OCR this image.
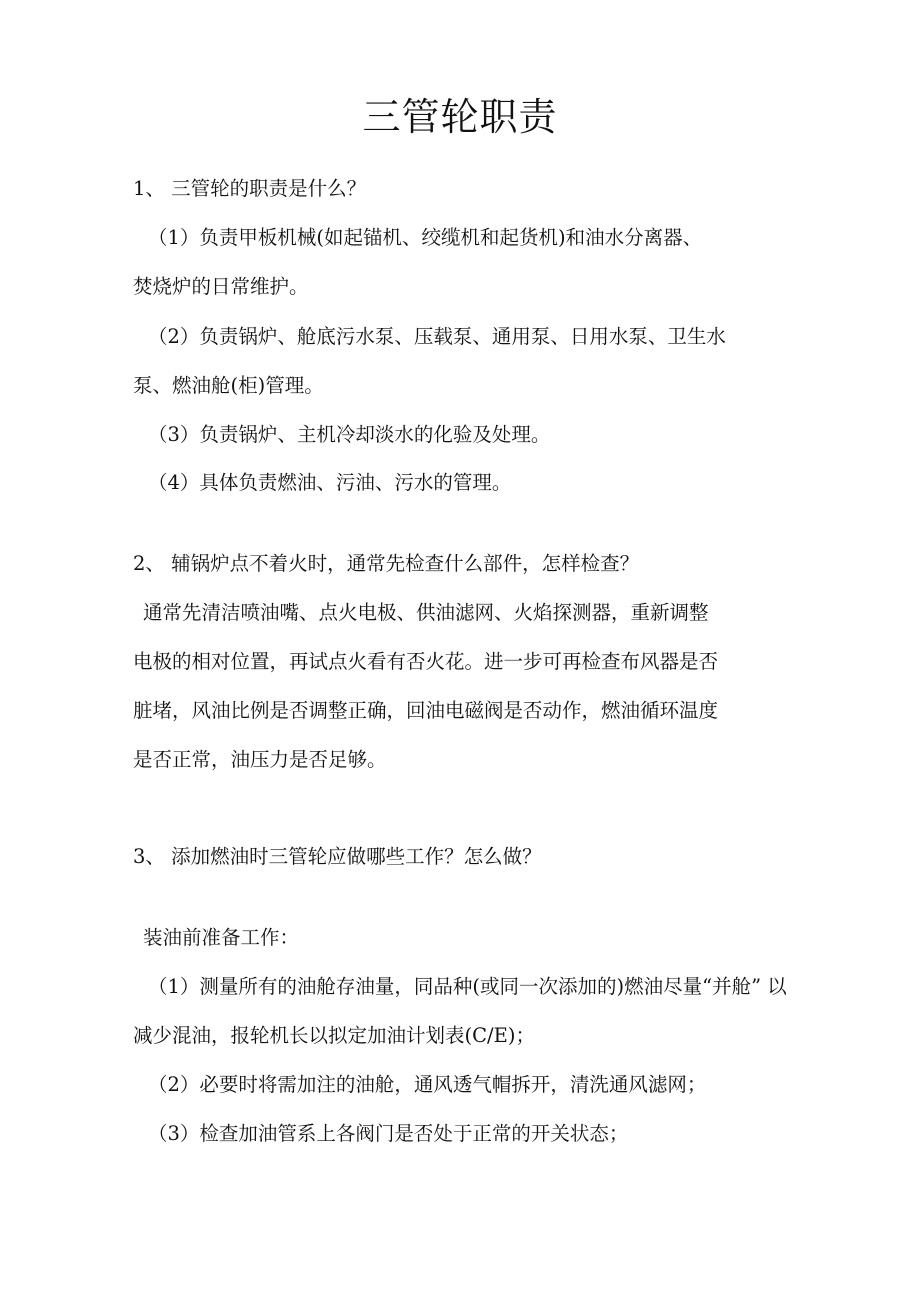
三管轮职责
1、 三管轮的职责是什么？
（1）负责甲板机械(如起锚机、绞缆机和起货机)和油水分离器、
焚烧炉的日常维护。
（2）负责锅炉、舱底污水泵、压载泵、通用泵、日用水泵、卫生水
泵、燃油舱(柜)管理。
（3）负责锅炉、主机冷却淡水的化验及处理。
（4）具体负责燃油、污油、污水的管理。
2、 辅锅炉点不着火时，通常先检查什么部件，怎样检查？
通常先清洁喷油嘴、点火电极、供油滤网、火焰探测器，重新调整
电极的相对位置，再试点火看有否火花。进一步可再检查布风器是否
脏堵，风油比例是否调整正确，回油电磁阀是否动作，燃油循环温度
是否正常，油压力是否足够。
3、 添加燃油时三管轮应做哪些工作？怎么做？
装油前准备工作：
（1）测量所有的油舱存油量，同品种(或同一次添加的)燃油尽量“并舱” 以
减少混油，报轮机长以拟定加油计划表(C/E)；
（2）必要时将需加注的油舱，通风透气帽拆开，清洗通风滤网；
（3）检查加油管系上各阀门是否处于正常的开关状态；
